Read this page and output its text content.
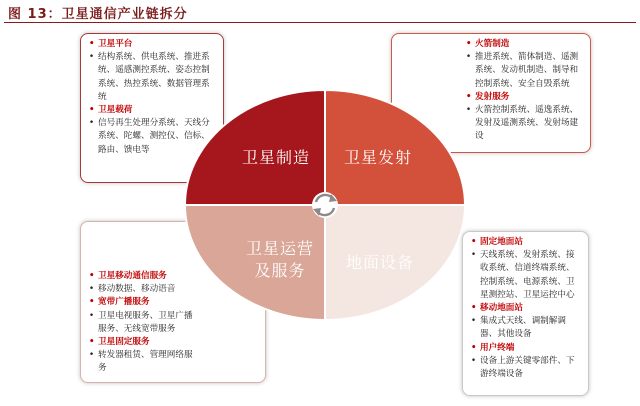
图 13：卫星通信产业链拆分
• 卫星平台
• 结构系统、供电系统、推进系统、遥感测控系统、姿态控制系统、热控系统、数据管理系统
• 卫星载荷
• 信号再生处理分系统、天线分系统、陀螺、测控仪、信标、路由、馈电等
• 火箭制造
• 推进系统、箭体制造、遥测系统、发动机制造、制导和控制系统、安全自毁系统
• 发射服务
• 火箭控制系统、遥逸系统、发射及遥测系统、发射场建设
• 卫星移动通信服务
• 移动数据、移动语音
• 宽带广播服务
• 卫星电视服务、卫星广播服务、无线宽带服务
• 卫星固定服务
• 转发器租赁、管理网络服务
• 固定地面站
• 天线系统、发射系统、接收系统、信道终端系统、控制系统、电源系统、卫星测控站、卫星运控中心
• 移动地面站
• 集成式天线、调制解调器、其他设备
• 用户终端
• 设备上游关键零部件、下游终端设备
卫星制造	卫星发射
卫星运营
及服务	地面设备
